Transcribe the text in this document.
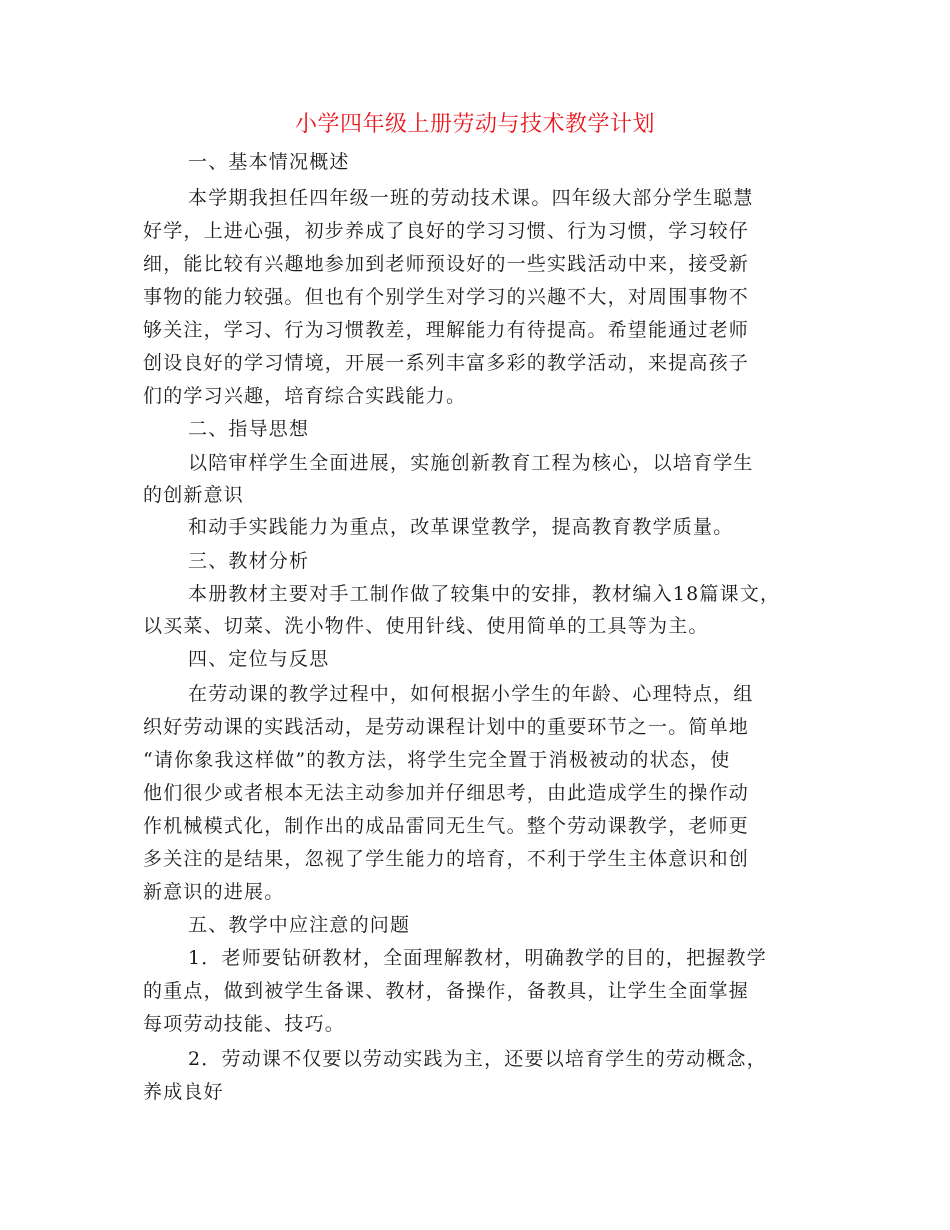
小学四年级上册劳动与技术教学计划
一、基本情况概述
本学期我担任四年级一班的劳动技术课。四年级大部分学生聪慧
好学，上进心强，初步养成了良好的学习习惯、行为习惯，学习较仔
细，能比较有兴趣地参加到老师预设好的一些实践活动中来，接受新
事物的能力较强。但也有个别学生对学习的兴趣不大，对周围事物不
够关注，学习、行为习惯教差，理解能力有待提高。希望能通过老师
创设良好的学习情境，开展一系列丰富多彩的教学活动，来提高孩子
们的学习兴趣，培育综合实践能力。
二、指导思想
以陪审样学生全面进展，实施创新教育工程为核心，以培育学生
的创新意识
和动手实践能力为重点，改革课堂教学，提高教育教学质量。
三、教材分析
本册教材主要对手工制作做了较集中的安排，教材编入18篇课文，
以买菜、切菜、洗小物件、使用针线、使用简单的工具等为主。
四、定位与反思
在劳动课的教学过程中，如何根据小学生的年龄、心理特点，组
织好劳动课的实践活动，是劳动课程计划中的重要环节之一。简单地
“请你象我这样做”的教方法，将学生完全置于消极被动的状态，使
他们很少或者根本无法主动参加并仔细思考，由此造成学生的操作动
作机械模式化，制作出的成品雷同无生气。整个劳动课教学，老师更
多关注的是结果，忽视了学生能力的培育，不利于学生主体意识和创
新意识的进展。
五、教学中应注意的问题
1．老师要钻研教材，全面理解教材，明确教学的目的，把握教学
的重点，做到被学生备课、教材，备操作，备教具，让学生全面掌握
每项劳动技能、技巧。
2．劳动课不仅要以劳动实践为主，还要以培育学生的劳动概念，
养成良好
